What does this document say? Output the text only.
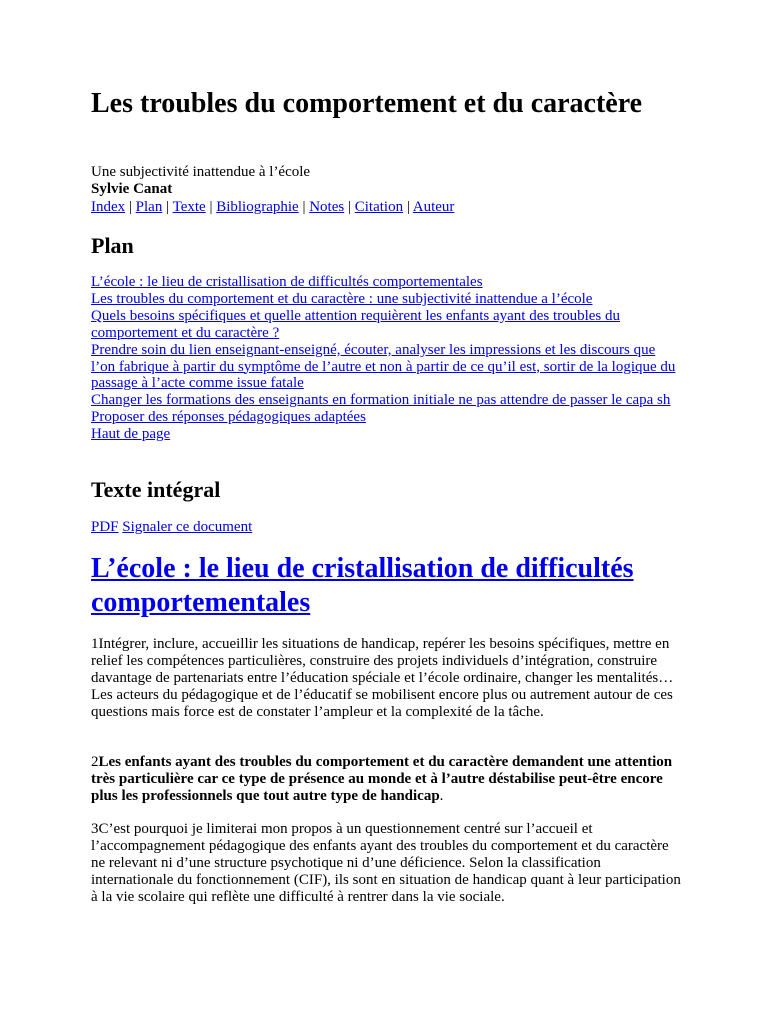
Les troubles du comportement et du caractère
Une subjectivité inattendue à l’école
Sylvie Canat
Index | Plan | Texte | Bibliographie | Notes | Citation | Auteur
Plan
L’école : le lieu de cristallisation de difficultés comportementales
Les troubles du comportement et du caractère : une subjectivité inattendue a l’école
Quels besoins spécifiques et quelle attention requièrent les enfants ayant des troubles du comportement et du caractère ?
Prendre soin du lien enseignant-enseigné, écouter, analyser les impressions et les discours que l’on fabrique à partir du symptôme de l’autre et non à partir de ce qu’il est, sortir de la logique du passage à l’acte comme issue fatale
Changer les formations des enseignants en formation initiale ne pas attendre de passer le capa sh
Proposer des réponses pédagogiques adaptées
Haut de page
Texte intégral
PDF Signaler ce document
L’école : le lieu de cristallisation de difficultés comportementales

1Intégrer, inclure, accueillir les situations de handicap, repérer les besoins spécifiques, mettre en relief les compétences particulières, construire des projets individuels d’intégration, construire davantage de partenariats entre l’éducation spéciale et l’école ordinaire, changer les mentalités… Les acteurs du pédagogique et de l’éducatif se mobilisent encore plus ou autrement autour de ces questions mais force est de constater l’ampleur et la complexité de la tâche.

2Les enfants ayant des troubles du comportement et du caractère demandent une attention très particulière car ce type de présence au monde et à l’autre déstabilise peut-être encore plus les professionnels que tout autre type de handicap.

3C’est pourquoi je limiterai mon propos à un questionnement centré sur l’accueil et l’accompagnement pédagogique des enfants ayant des troubles du comportement et du caractère ne relevant ni d’une structure psychotique ni d’une déficience. Selon la classification internationale du fonctionnement (CIF), ils sont en situation de handicap quant à leur participation à la vie scolaire qui reflète une difficulté à rentrer dans la vie sociale.
